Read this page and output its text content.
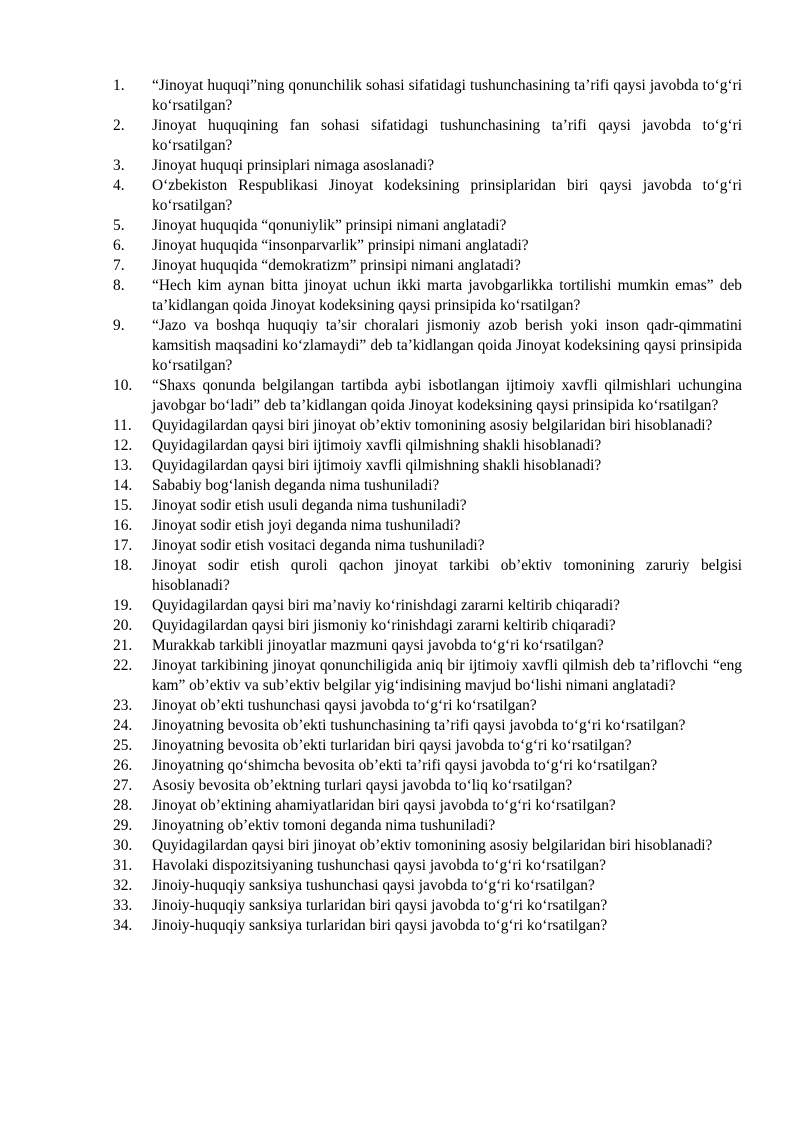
1.	“Jinoyat huquqi”ning qonunchilik sohasi sifatidagi tushunchasining ta’rifi qaysi javobda to‘g‘ri ko‘rsatilgan?
2.	Jinoyat huquqining fan sohasi sifatidagi tushunchasining ta’rifi qaysi javobda to‘g‘ri ko‘rsatilgan?
3.	Jinoyat huquqi prinsiplari nimaga asoslanadi?
4.	O‘zbekiston Respublikasi Jinoyat kodeksining prinsiplaridan biri qaysi javobda to‘g‘ri ko‘rsatilgan?
5.	Jinoyat huquqida “qonuniylik” prinsipi nimani anglatadi?
6.	Jinoyat huquqida “insonparvarlik” prinsipi nimani anglatadi?
7.	Jinoyat huquqida “demokratizm” prinsipi nimani anglatadi?
8.	“Hech kim aynan bitta jinoyat uchun ikki marta javobgarlikka tortilishi mumkin emas” deb ta’kidlangan qoida Jinoyat kodeksining qaysi prinsipida ko‘rsatilgan?
9.	“Jazo va boshqa huquqiy ta’sir choralari jismoniy azob berish yoki inson qadr-qimmatini kamsitish maqsadini ko‘zlamaydi” deb ta’kidlangan qoida Jinoyat kodeksining qaysi prinsipida ko‘rsatilgan?
10.	“Shaxs qonunda belgilangan tartibda aybi isbotlangan ijtimoiy xavfli qilmishlari uchungina javobgar bo‘ladi” deb ta’kidlangan qoida Jinoyat kodeksining qaysi prinsipida ko‘rsatilgan?
11.	Quyidagilardan qaysi biri jinoyat ob’ektiv tomonining asosiy belgilaridan biri hisoblanadi?
12.	Quyidagilardan qaysi biri ijtimoiy xavfli qilmishning shakli hisoblanadi?
13.	Quyidagilardan qaysi biri ijtimoiy xavfli qilmishning shakli hisoblanadi?
14.	Sababiy bog‘lanish deganda nima tushuniladi?
15.	Jinoyat sodir etish usuli deganda nima tushuniladi?
16.	Jinoyat sodir etish joyi deganda nima tushuniladi?
17.	Jinoyat sodir etish vositaci deganda nima tushuniladi?
18.	Jinoyat sodir etish quroli qachon jinoyat tarkibi ob’ektiv tomonining zaruriy belgisi hisoblanadi?
19.	Quyidagilardan qaysi biri ma’naviy ko‘rinishdagi zararni keltirib chiqaradi?
20.	Quyidagilardan qaysi biri jismoniy ko‘rinishdagi zararni keltirib chiqaradi?
21.	Murakkab tarkibli jinoyatlar mazmuni qaysi javobda to‘g‘ri ko‘rsatilgan?
22.	Jinoyat tarkibining jinoyat qonunchiligida aniq bir ijtimoiy xavfli qilmish deb ta’riflovchi “eng kam” ob’ektiv va sub’ektiv belgilar yig‘indisining mavjud bo‘lishi nimani anglatadi?
23.	Jinoyat ob’ekti tushunchasi qaysi javobda to‘g‘ri ko‘rsatilgan?
24.	Jinoyatning bevosita ob’ekti tushunchasining ta’rifi qaysi javobda to‘g‘ri ko‘rsatilgan?
25.	Jinoyatning bevosita ob’ekti turlaridan biri qaysi javobda to‘g‘ri ko‘rsatilgan?
26.	Jinoyatning qo‘shimcha bevosita ob’ekti ta’rifi qaysi javobda to‘g‘ri ko‘rsatilgan?
27.	Asosiy bevosita ob’ektning turlari qaysi javobda to‘liq ko‘rsatilgan?
28.	Jinoyat ob’ektining ahamiyatlaridan biri qaysi javobda to‘g‘ri ko‘rsatilgan?
29.	Jinoyatning ob’ektiv tomoni deganda nima tushuniladi?
30.	Quyidagilardan qaysi biri jinoyat ob’ektiv tomonining asosiy belgilaridan biri hisoblanadi?
31.	Havolaki dispozitsiyaning tushunchasi qaysi javobda to‘g‘ri ko‘rsatilgan?
32.	Jinoiy-huquqiy sanksiya tushunchasi qaysi javobda to‘g‘ri ko‘rsatilgan?
33.	Jinoiy-huquqiy sanksiya turlaridan biri qaysi javobda to‘g‘ri ko‘rsatilgan?
34.	Jinoiy-huquqiy sanksiya turlaridan biri qaysi javobda to‘g‘ri ko‘rsatilgan?
